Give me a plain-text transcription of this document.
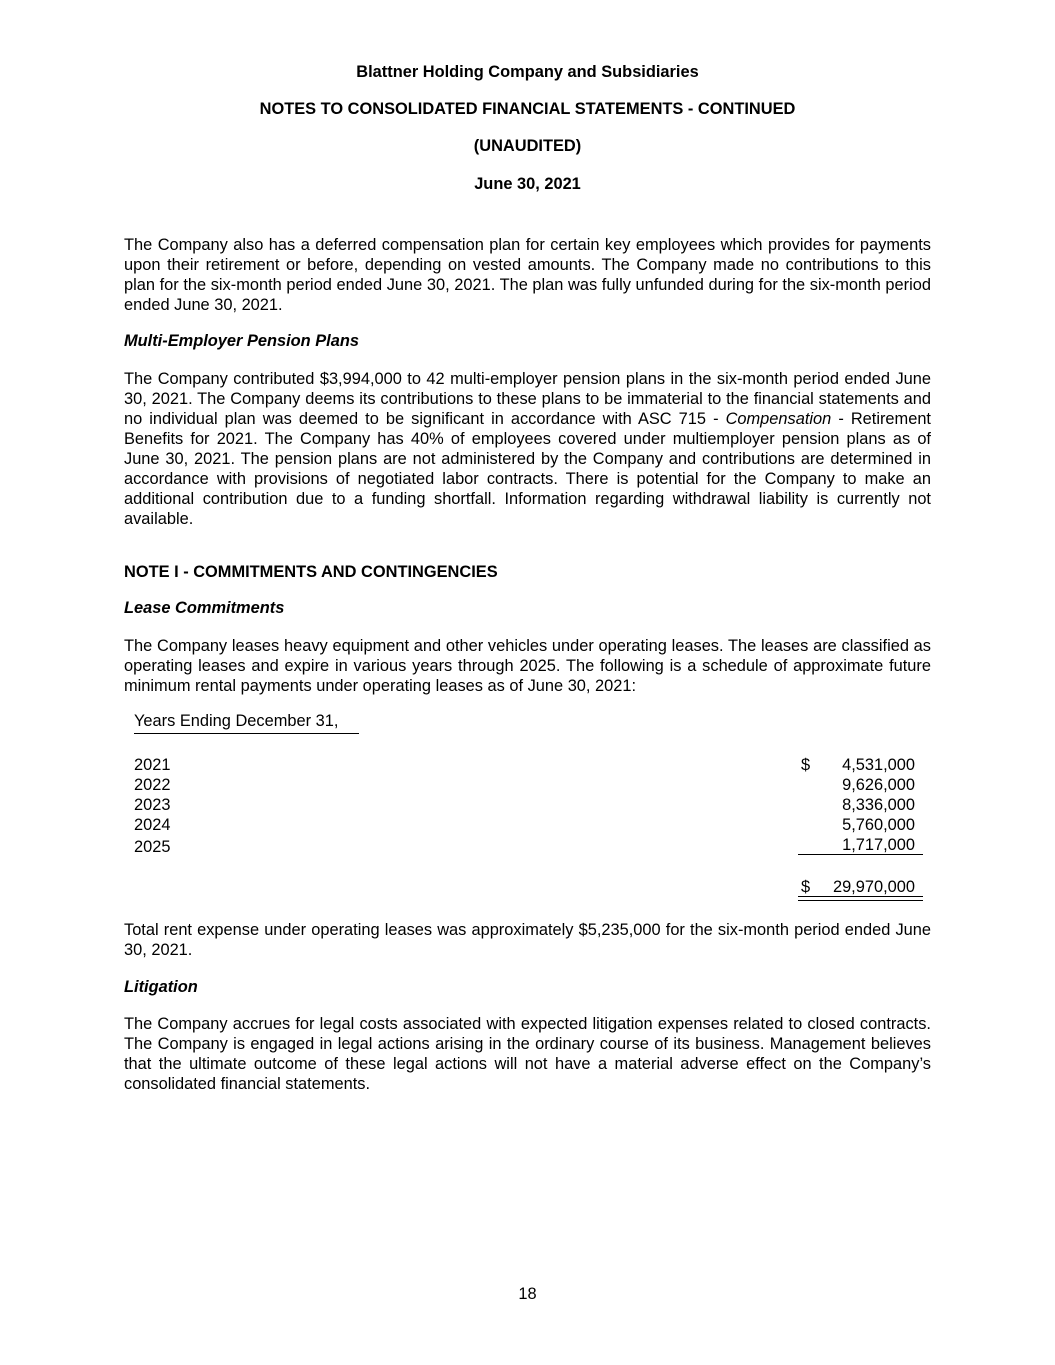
Blattner Holding Company and Subsidiaries
NOTES TO CONSOLIDATED FINANCIAL STATEMENTS - CONTINUED
(UNAUDITED)
June 30, 2021

The Company also has a deferred compensation plan for certain key employees which provides for payments upon their retirement or before, depending on vested amounts. The Company made no contributions to this plan for the six-month period ended June 30, 2021. The plan was fully unfunded during for the six-month period ended June 30, 2021.

Multi-Employer Pension Plans

The Company contributed $3,994,000 to 42 multi-employer pension plans in the six-month period ended June 30, 2021. The Company deems its contributions to these plans to be immaterial to the financial statements and no individual plan was deemed to be significant in accordance with ASC 715 - Compensation - Retirement Benefits for 2021. The Company has 40% of employees covered under multiemployer pension plans as of June 30, 2021. The pension plans are not administered by the Company and contributions are determined in accordance with provisions of negotiated labor contracts. There is potential for the Company to make an additional contribution due to a funding shortfall. Information regarding withdrawal liability is currently not available.

NOTE I - COMMITMENTS AND CONTINGENCIES
Lease Commitments

The Company leases heavy equipment and other vehicles under operating leases. The leases are classified as operating leases and expire in various years through 2025. The following is a schedule of approximate future minimum rental payments under operating leases as of June 30, 2021:

Years Ending December 31,
2021	$ 4,531,000
2022	9,626,000
2023	8,336,000
2024	5,760,000
2025	1,717,000
$ 29,970,000

Total rent expense under operating leases was approximately $5,235,000 for the six-month period ended June 30, 2021.

Litigation

The Company accrues for legal costs associated with expected litigation expenses related to closed contracts. The Company is engaged in legal actions arising in the ordinary course of its business. Management believes that the ultimate outcome of these legal actions will not have a material adverse effect on the Company’s consolidated financial statements.

18
